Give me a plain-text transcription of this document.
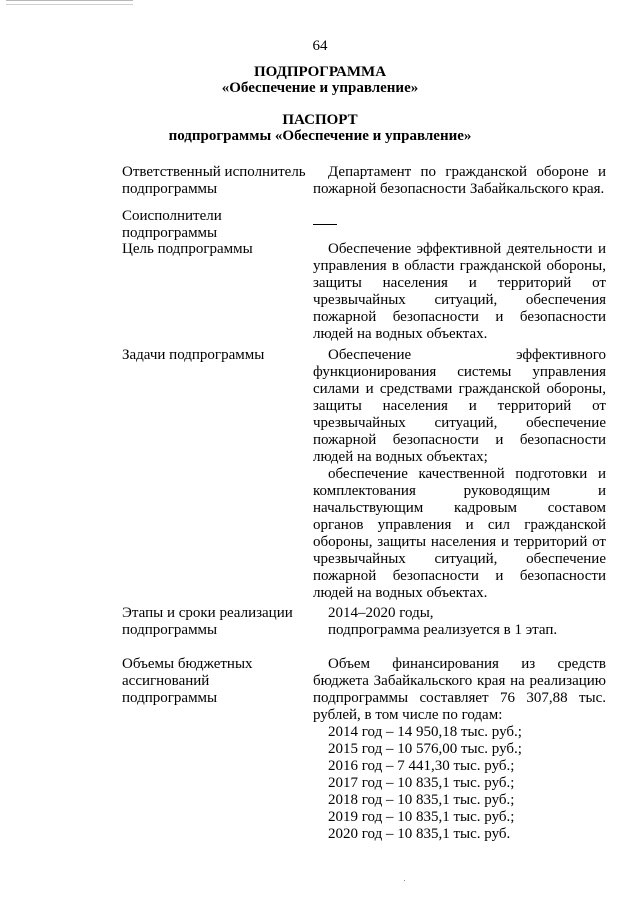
64
ПОДПРОГРАММА
«Обеспечение и управление»
ПАСПОРТ
подпрограммы «Обеспечение и управление»
Ответственный исполнитель подпрограммы

Департамент по гражданской обороне и пожарной безопасности Забайкальского края.

Соисполнители подпрограммы
Цель подпрограммы	Обеспечение эффективной деятельности и управления в области гражданской обороны, защиты населения и территорий от чрезвычайных ситуаций, обеспечения пожарной безопасности и безопасности людей на водных объектах.

Задачи подпрограммы	Обеспечение эффективного функционирования системы управления силами и средствами гражданской обороны, защиты населения и территорий от чрезвычайных ситуаций, обеспечение пожарной безопасности и безопасности людей на водных объектах;

обеспечение качественной подготовки и комплектования руководящим и начальствующим кадровым составом органов управления и сил гражданской обороны, защиты населения и территорий от чрезвычайных ситуаций, обеспечение пожарной безопасности и безопасности людей на водных объектах.

Этапы и сроки реализации подпрограммы

2014–2020 годы,

подпрограмма реализуется в 1 этап.

Объемы бюджетных ассигнований подпрограммы

Объем финансирования из средств бюджета Забайкальского края на реализацию подпрограммы составляет 76 307,88 тыс. рублей, в том числе по годам:

2014 год – 14 950,18 тыс. руб.;

2015 год – 10 576,00 тыс. руб.;

2016 год – 7 441,30 тыс. руб.;

2017 год – 10 835,1 тыс. руб.;

2018 год – 10 835,1 тыс. руб.;

2019 год – 10 835,1 тыс. руб.;

2020 год – 10 835,1 тыс. руб.
